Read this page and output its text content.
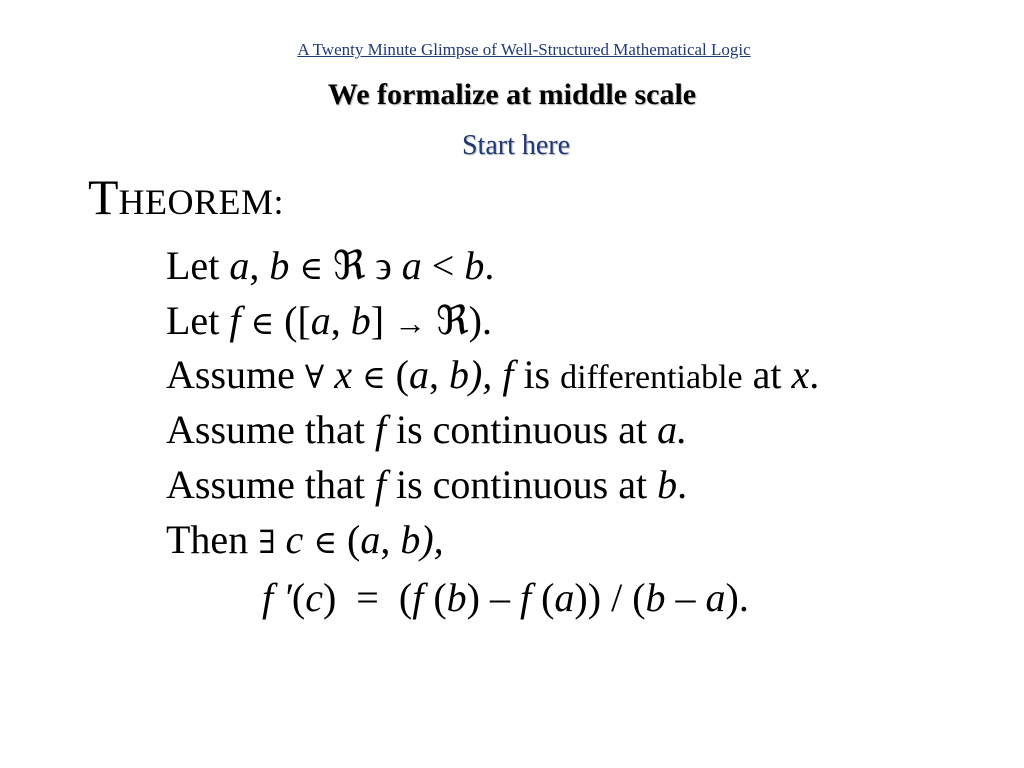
A Twenty Minute Glimpse of Well-Structured Mathematical Logic
We formalize at middle scale
Start here
THEOREM:
Let a, b ∈ ℜ ϶ a < b.
Let f ∈ ([a, b] → ℜ).
Assume ∀ x ∈ (a, b), f is differentiable at x.
Assume that f is continuous at a.
Assume that f is continuous at b.
Then ∃ c ∈ (a, b),
f ′(c) = (f (b) – f (a)) / (b – a).
